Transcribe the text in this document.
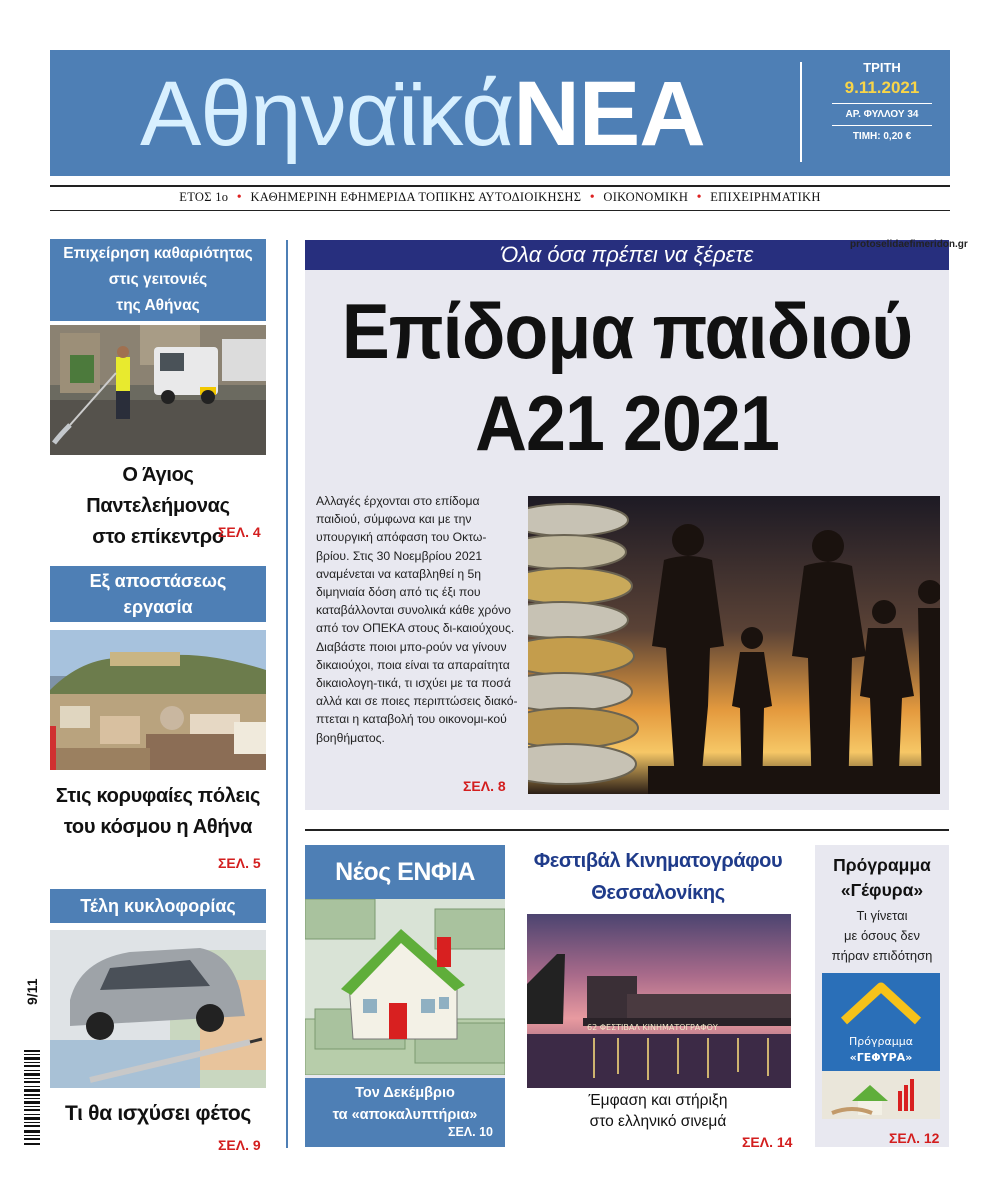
ΑθηναϊκάΝΕΑ	ΤΡΙΤΗ
9.11.2021
ΑΡ. ΦΥΛΛΟΥ 34
ΤΙΜΗ: 0,20 €
ΕΤΟΣ 1ο • ΚΑΘΗΜΕΡΙΝΗ ΕΦΗΜΕΡΙΔΑ ΤΟΠΙΚΗΣ ΑΥΤΟΔΙΟΙΚΗΣΗΣ • ΟΙΚΟΝΟΜΙΚΗ • ΕΠΙΧΕΙΡΗΜΑΤΙΚΗ
Επιχείρηση καθαριότητας
στις γειτονιές
της Αθήνας
Ο Άγιος Παντελεήμονας
στο επίκεντρο
ΣΕΛ. 4
Εξ αποστάσεως
εργασία
Στις κορυφαίες πόλεις
του κόσμου η Αθήνα
ΣΕΛ. 5
Τέλη κυκλοφορίας
Τι θα ισχύσει φέτος
ΣΕΛ. 9
9/11
Όλα όσα πρέπει να ξέρετε	protoselidaefimeridon.gr
Επίδομα παιδιού
Α21 2021
Αλλαγές έρχονται στο επίδομα παιδιού, σύμφωνα και με την υπουργική απόφαση του Οκτω-βρίου. Στις 30 Νοεμβρίου 2021 αναμένεται να καταβληθεί η 5η διμηνιαία δόση από τις έξι που καταβάλλονται συνολικά κάθε χρόνο από τον ΟΠΕΚΑ στους δι-καιούχους. Διαβάστε ποιοι μπο-ρούν να γίνουν δικαιούχοι, ποια είναι τα απαραίτητα δικαιολογη-τικά, τι ισχύει με τα ποσά αλλά και σε ποιες περιπτώσεις διακό-πτεται η καταβολή του οικονομι-κού βοηθήματος.
ΣΕΛ. 8
Νέος ΕΝΦΙΑ
Τον Δεκέμβριο
τα «αποκαλυπτήρια»
ΣΕΛ. 10
Φεστιβάλ Κινηματογράφου
Θεσσαλονίκης
62 ΦΕΣΤΙΒΑΛ ΚΙΝΗΜΑΤΟΓΡΑΦΟΥ
Έμφαση και στήριξη
στο ελληνικό σινεμά
ΣΕΛ. 14
Πρόγραμμα
«Γέφυρα»
Τι γίνεται
με όσους δεν
πήραν επιδότηση
Πρόγραμμα
«ΓΕΦΥΡΑ»
ΣΕΛ. 12
